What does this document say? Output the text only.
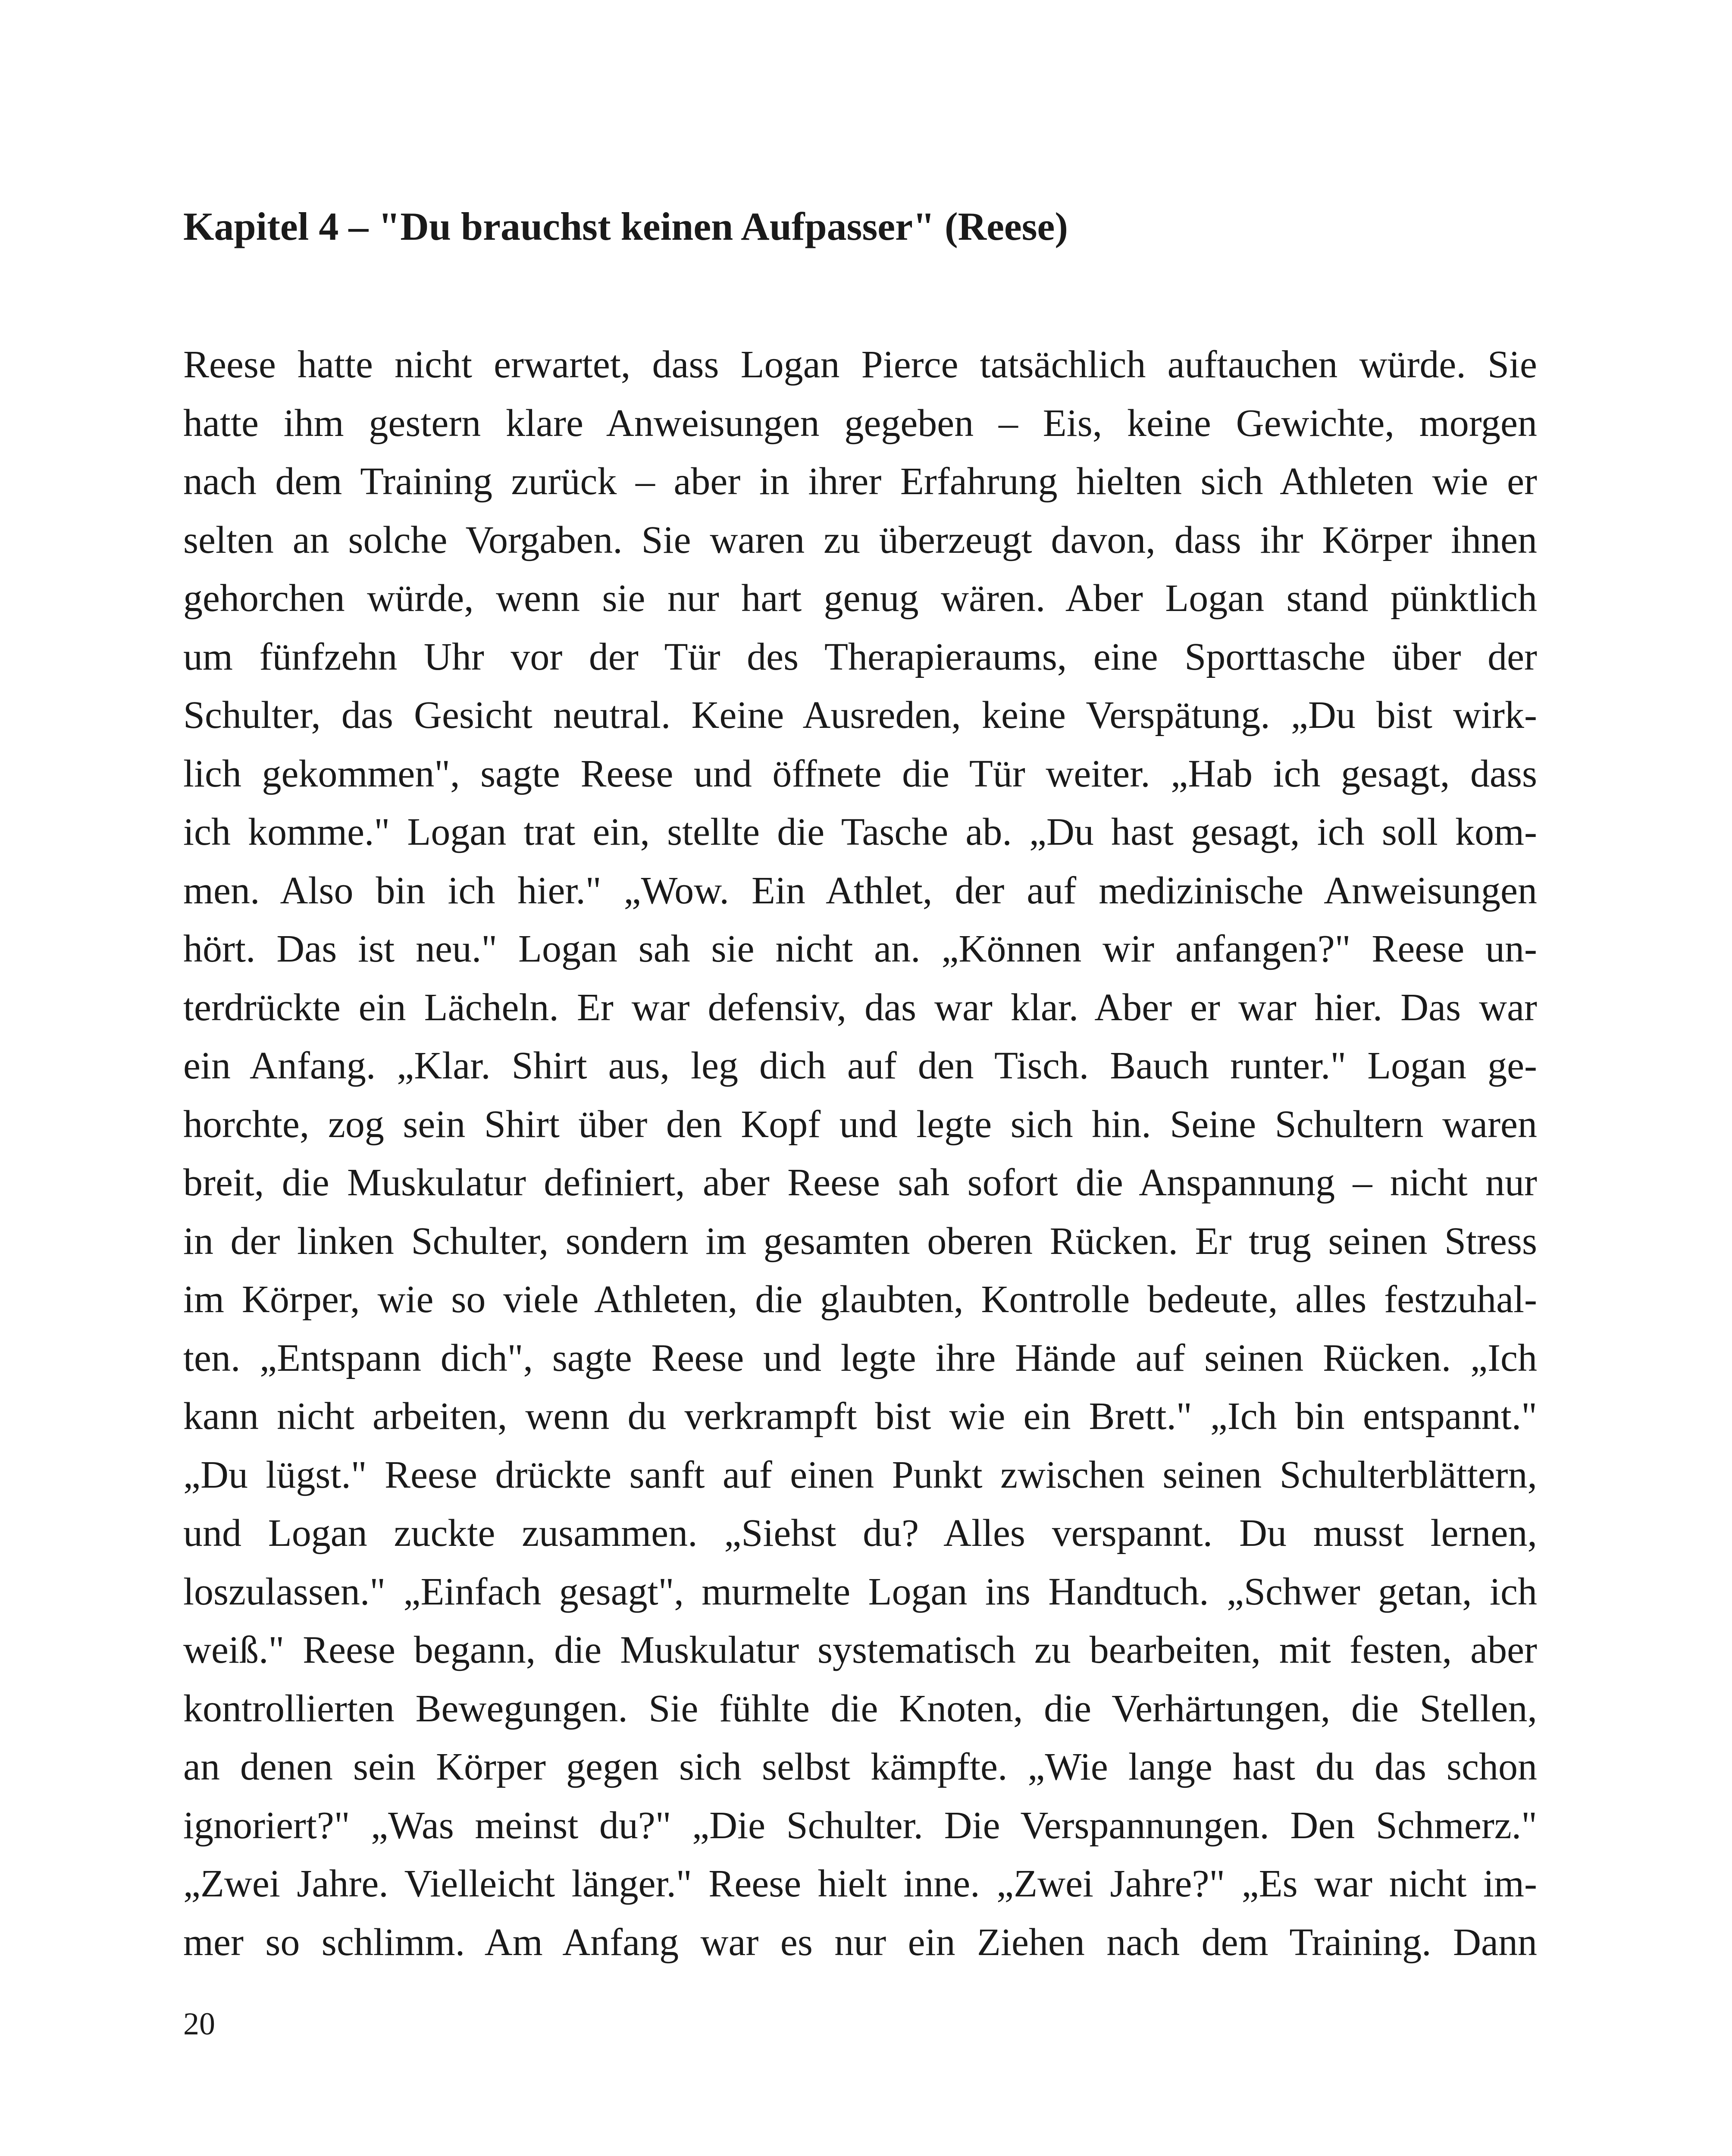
Kapitel 4 – "Du brauchst keinen Aufpasser" (Reese)
Reese hatte nicht erwartet, dass Logan Pierce tatsächlich auftauchen würde. Sie
hatte ihm gestern klare Anweisungen gegeben – Eis, keine Gewichte, morgen
nach dem Training zurück – aber in ihrer Erfahrung hielten sich Athleten wie er
selten an solche Vorgaben. Sie waren zu überzeugt davon, dass ihr Körper ihnen
gehorchen würde, wenn sie nur hart genug wären. Aber Logan stand pünktlich
um fünfzehn Uhr vor der Tür des Therapieraums, eine Sporttasche über der
Schulter, das Gesicht neutral. Keine Ausreden, keine Verspätung. „Du bist wirk-
lich gekommen", sagte Reese und öffnete die Tür weiter. „Hab ich gesagt, dass
ich komme." Logan trat ein, stellte die Tasche ab. „Du hast gesagt, ich soll kom-
men. Also bin ich hier." „Wow. Ein Athlet, der auf medizinische Anweisungen
hört. Das ist neu." Logan sah sie nicht an. „Können wir anfangen?" Reese un-
terdrückte ein Lächeln. Er war defensiv, das war klar. Aber er war hier. Das war
ein Anfang. „Klar. Shirt aus, leg dich auf den Tisch. Bauch runter." Logan ge-
horchte, zog sein Shirt über den Kopf und legte sich hin. Seine Schultern waren
breit, die Muskulatur definiert, aber Reese sah sofort die Anspannung – nicht nur
in der linken Schulter, sondern im gesamten oberen Rücken. Er trug seinen Stress
im Körper, wie so viele Athleten, die glaubten, Kontrolle bedeute, alles festzuhal-
ten. „Entspann dich", sagte Reese und legte ihre Hände auf seinen Rücken. „Ich
kann nicht arbeiten, wenn du verkrampft bist wie ein Brett." „Ich bin entspannt."
„Du lügst." Reese drückte sanft auf einen Punkt zwischen seinen Schulterblättern,
und Logan zuckte zusammen. „Siehst du? Alles verspannt. Du musst lernen,
loszulassen." „Einfach gesagt", murmelte Logan ins Handtuch. „Schwer getan, ich
weiß." Reese begann, die Muskulatur systematisch zu bearbeiten, mit festen, aber
kontrollierten Bewegungen. Sie fühlte die Knoten, die Verhärtungen, die Stellen,
an denen sein Körper gegen sich selbst kämpfte. „Wie lange hast du das schon
ignoriert?" „Was meinst du?" „Die Schulter. Die Verspannungen. Den Schmerz."
„Zwei Jahre. Vielleicht länger." Reese hielt inne. „Zwei Jahre?" „Es war nicht im-
mer so schlimm. Am Anfang war es nur ein Ziehen nach dem Training. Dann
20
